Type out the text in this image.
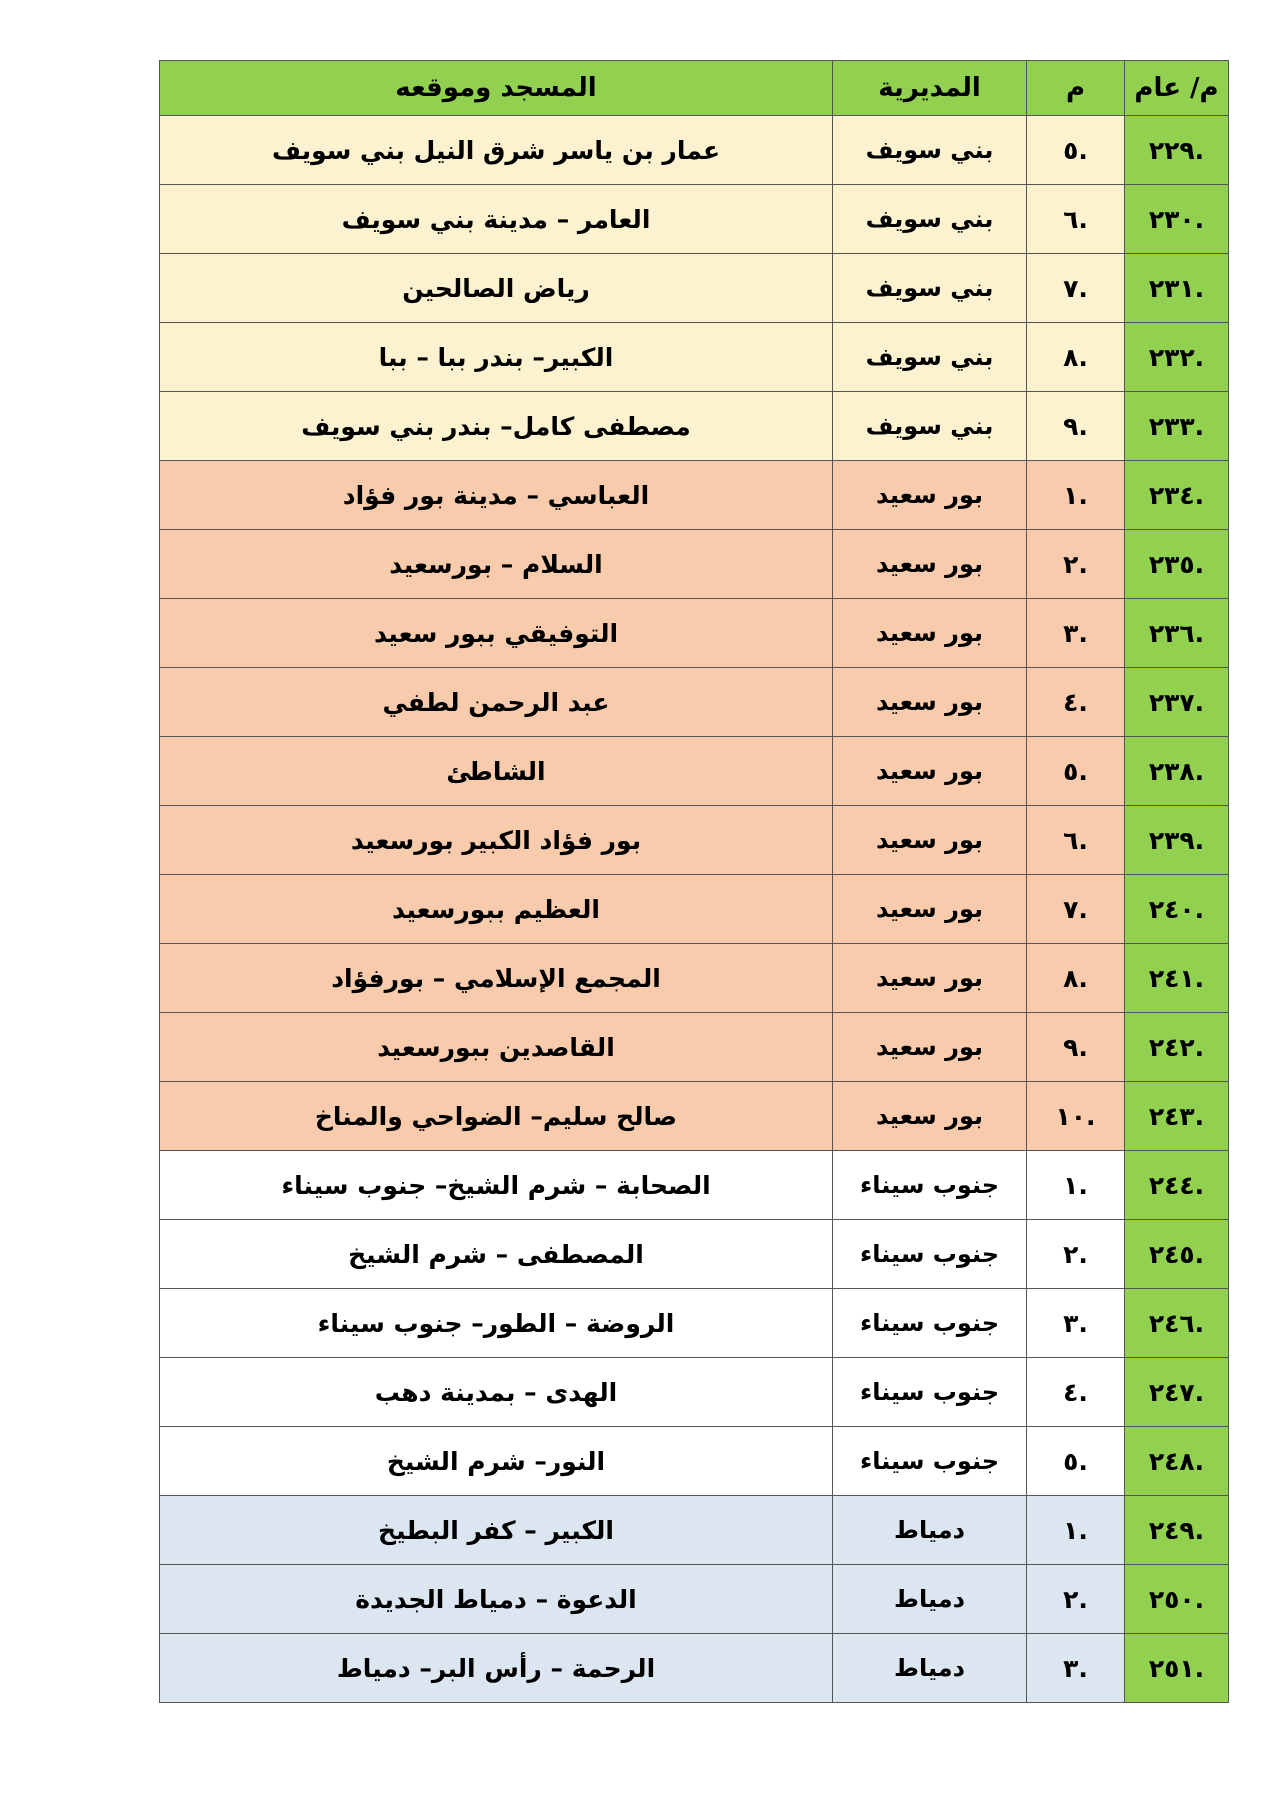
م/ عام	م	المديرية	المسجد وموقعه
.٢٢٩	.٥	بني سويف	عمار بن ياسر شرق النيل بني سويف
.٢٣٠	.٦	بني سويف	العامر – مدينة بني سويف
.٢٣١	.٧	بني سويف	رياض الصالحين
.٢٣٢	.٨	بني سويف	الكبير– بندر ببا – ببا
.٢٣٣	.٩	بني سويف	مصطفى كامل– بندر بني سويف
.٢٣٤	.١	بور سعيد	العباسي – مدينة بور فؤاد
.٢٣٥	.٢	بور سعيد	السلام – بورسعيد
.٢٣٦	.٣	بور سعيد	التوفيقي ببور سعيد
.٢٣٧	.٤	بور سعيد	عبد الرحمن لطفي
.٢٣٨	.٥	بور سعيد	الشاطئ
.٢٣٩	.٦	بور سعيد	بور فؤاد الكبير بورسعيد
.٢٤٠	.٧	بور سعيد	العظيم ببورسعيد
.٢٤١	.٨	بور سعيد	المجمع الإسلامي – بورفؤاد
.٢٤٢	.٩	بور سعيد	القاصدين ببورسعيد
.٢٤٣	.١٠	بور سعيد	صالح سليم– الضواحي والمناخ
.٢٤٤	.١	جنوب سيناء	الصحابة – شرم الشيخ– جنوب سيناء
.٢٤٥	.٢	جنوب سيناء	المصطفى – شرم الشيخ
.٢٤٦	.٣	جنوب سيناء	الروضة – الطور– جنوب سيناء
.٢٤٧	.٤	جنوب سيناء	الهدى – بمدينة دهب
.٢٤٨	.٥	جنوب سيناء	النور– شرم الشيخ
.٢٤٩	.١	دمياط	الكبير – كفر البطيخ
.٢٥٠	.٢	دمياط	الدعوة – دمياط الجديدة
.٢٥١	.٣	دمياط	الرحمة – رأس البر– دمياط
